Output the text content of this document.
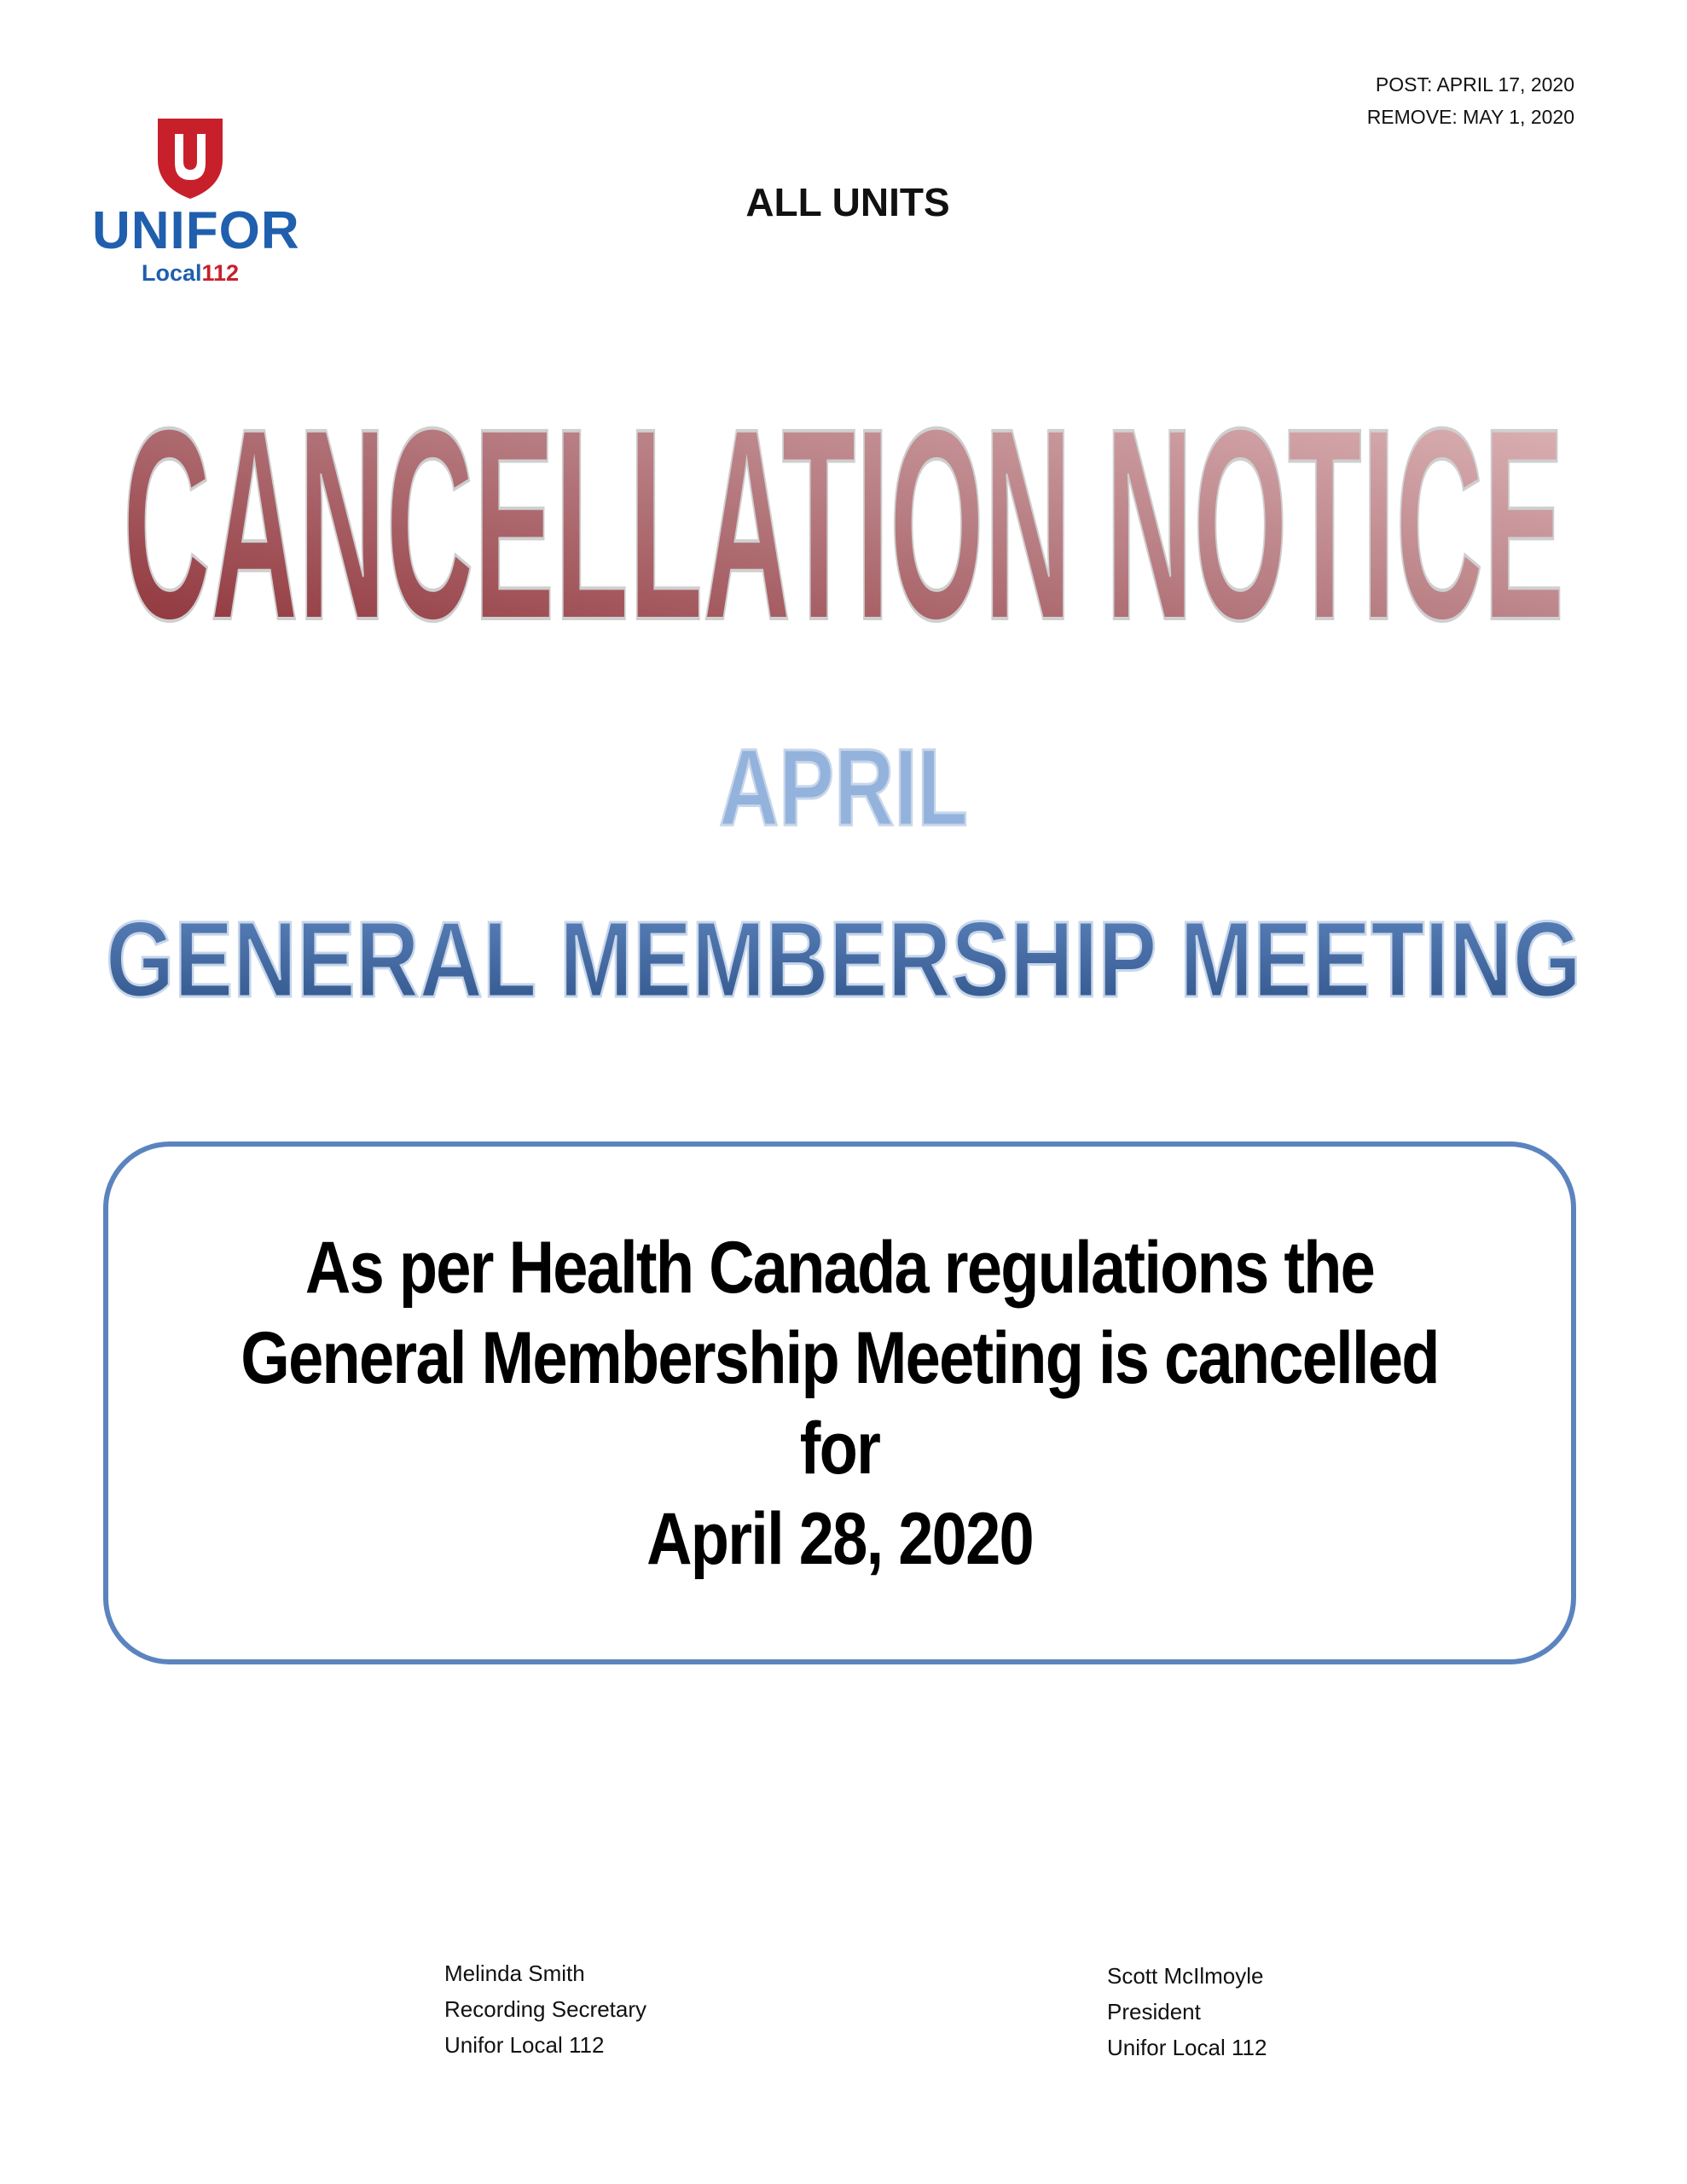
POST: APRIL 17, 2020
REMOVE: MAY 1, 2020
UNIFOR
Local112
ALL UNITS
CANCELLATION NOTICE
APRIL
GENERAL MEMBERSHIP MEETING

As per Health Canada regulations the
General Membership Meeting is cancelled for
April 28, 2020

Melinda Smith
Recording Secretary
Unifor Local 112
Scott McIlmoyle
President
Unifor Local 112
